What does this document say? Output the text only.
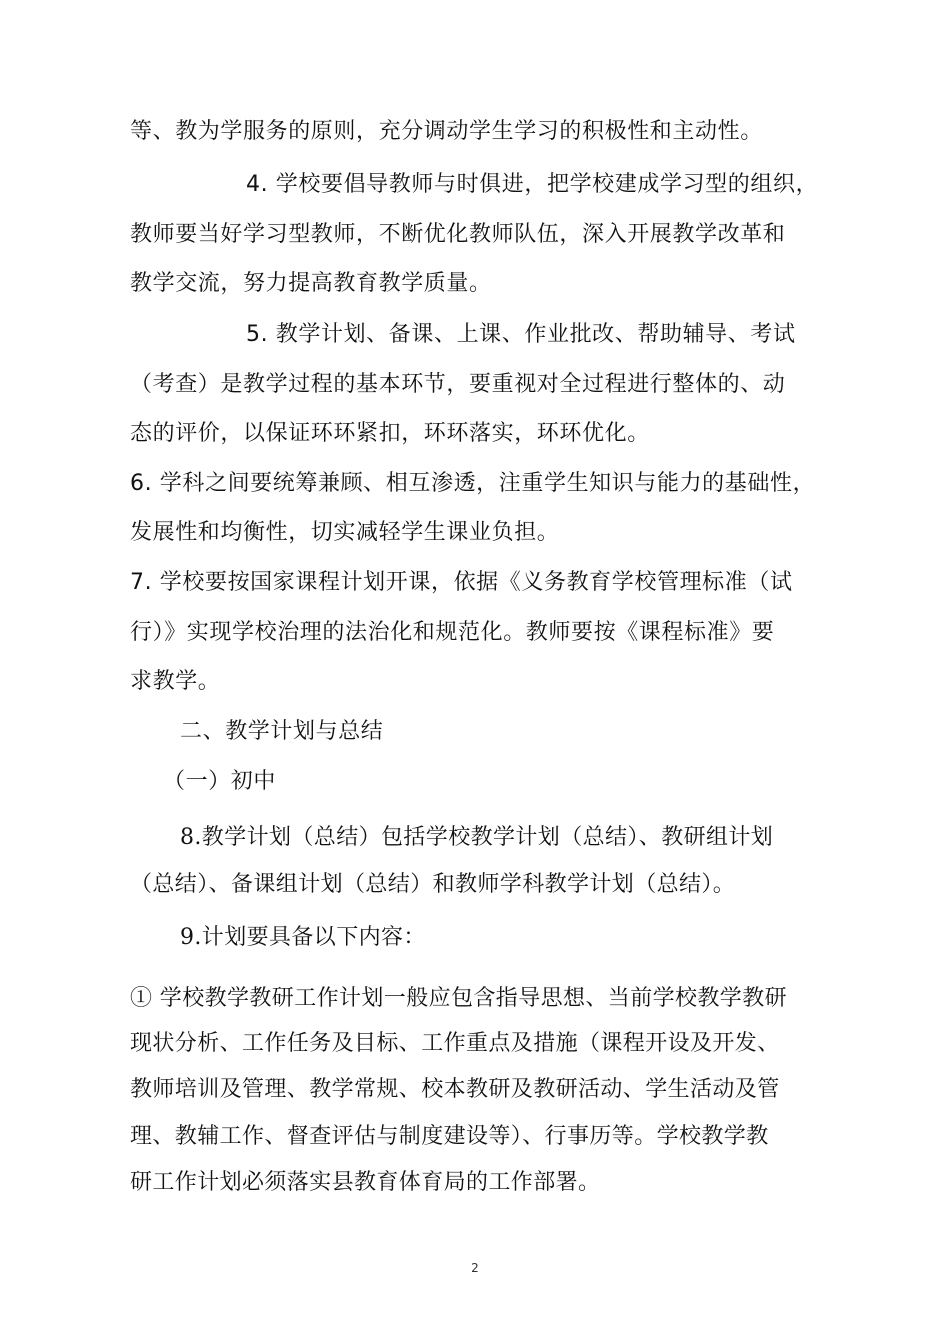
等、教为学服务的原则，充分调动学生学习的积极性和主动性。
4. 学校要倡导教师与时俱进，把学校建成学习型的组织，
教师要当好学习型教师，不断优化教师队伍，深入开展教学改革和
教学交流，努力提高教育教学质量。
5. 教学计划、备课、上课、作业批改、帮助辅导、考试
（考查）是教学过程的基本环节，要重视对全过程进行整体的、动
态的评价，以保证环环紧扣，环环落实，环环优化。
6. 学科之间要统筹兼顾、相互渗透，注重学生知识与能力的基础性，
发展性和均衡性，切实减轻学生课业负担。
7. 学校要按国家课程计划开课，依据《义务教育学校管理标准（试
行）》实现学校治理的法治化和规范化。教师要按《课程标准》要
求教学。
二、教学计划与总结
（一）初中
8.教学计划（总结）包括学校教学计划（总结）、教研组计划
（总结）、备课组计划（总结）和教师学科教学计划（总结）。
9.计划要具备以下内容：
① 学校教学教研工作计划一般应包含指导思想、当前学校教学教研
现状分析、工作任务及目标、工作重点及措施（课程开设及开发、
教师培训及管理、教学常规、校本教研及教研活动、学生活动及管
理、教辅工作、督查评估与制度建设等）、行事历等。学校教学教
研工作计划必须落实县教育体育局的工作部署。
2
